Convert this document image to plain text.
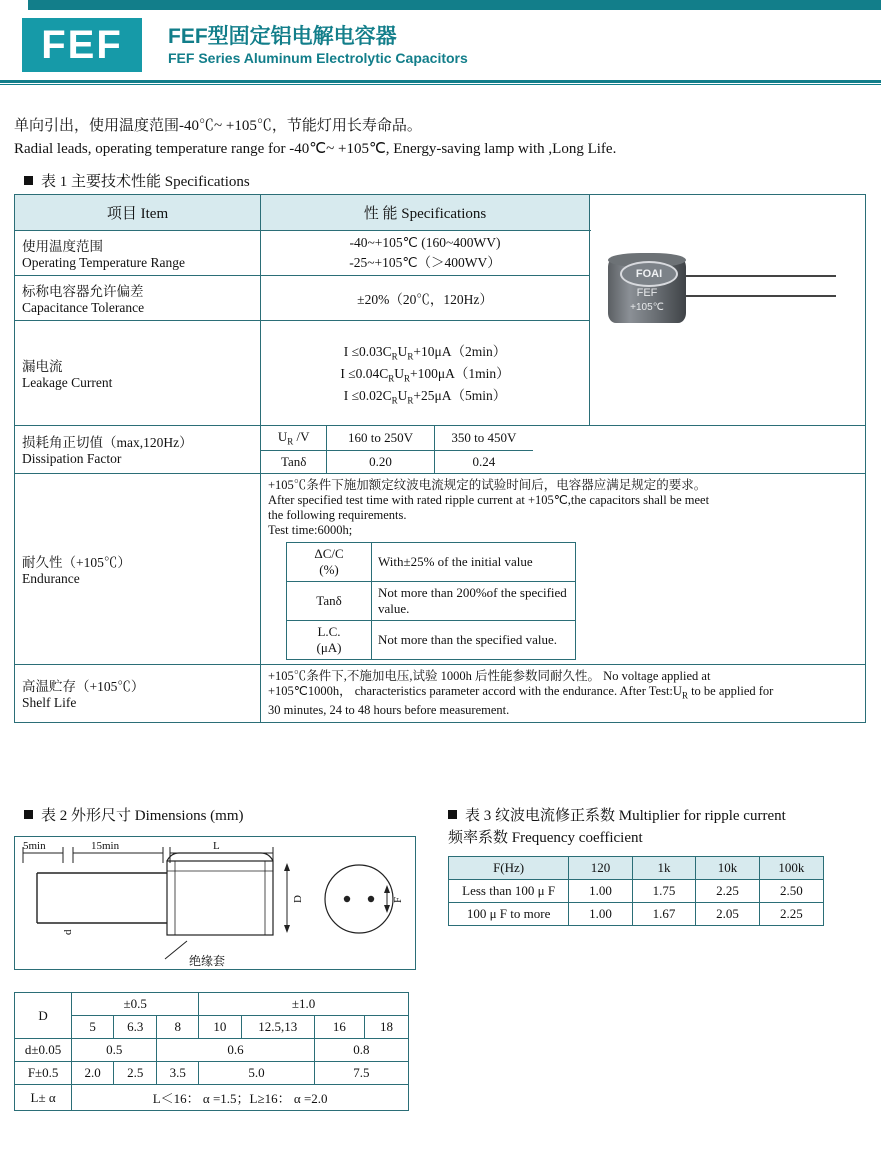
FEF FEF型固定铝电解电容器
FEF Series Aluminum Electrolytic Capacitors
单向引出，使用温度范围-40℃~ +105℃，节能灯用长寿命品。
Radial leads, operating temperature range for -40℃~ +105℃, Energy-saving lamp with ,Long Life.
表 1 主要技术性能 Specifications
项目 Item	性 能 Specifications	
FOAI
FEF
+105℃

使用温度范围
Operating Temperature Range

-40~+105℃ (160~400WV)
-25~+105℃（＞400WV）

标称电容器允许偏差
Capacitance Tolerance
	±20%（20℃，120Hz）

漏电流
Leakage Current

$I \le 0.03C_RU_R+10\mu A(2\min)$
$I \le 0.04C_RU_R+100\mu A(1\min)$
$I \le 0.02C_RU_R+25\mu A(5\min)$

损耗角正切值（max,120Hz）
Dissipation Factor

$U_R$ /V	160 to 250V	350 to 450V
Tanδ	0.20	0.24

耐久性（+105℃）
Endurance

+105℃条件下施加额定纹波电流规定的试验时间后，电容器应满足规定的要求。
After specified test time with rated ripple current at +105℃,the capacitors shall be meet
the following requirements.
Test time:6000h;
ΔC/C
(%)
	With±25% of the initial value
Tanδ	Not more than 200%of the specified value.

L.C.
(μA)
	Not more than the specified value.

高温贮存（+105℃）
Shelf Life

+105℃条件下,不施加电压,试验 1000h 后性能参数同耐久性。 No voltage applied at
+105℃1000h， characteristics parameter accord with the endurance. After $Test:U_R$ to be applied for
30 minutes, 24 to 48 hours before measurement.
表 2 外形尺寸 Dimensions (mm)	表 3 纹波电流修正系数 Multiplier for ripple current
频率系数 Frequency coefficient
5min	15min	L
D	F
d
绝缘套
D	±0.5			±1.0			
	5	6.3	8	10	12.5,13	16	18
d±0.05	0.5		0.6			0.8	
F±0.5	2.0	2.5	3.5	5.0		7.5	
L± α	L＜16： α =1.5；L≥16： α =2.0						
F(Hz)	120	1k	10k	100k
Less than 100 μ F	1.00	1.75	2.25	2.50
100 μ F to more	1.00	1.67	2.05	2.25
